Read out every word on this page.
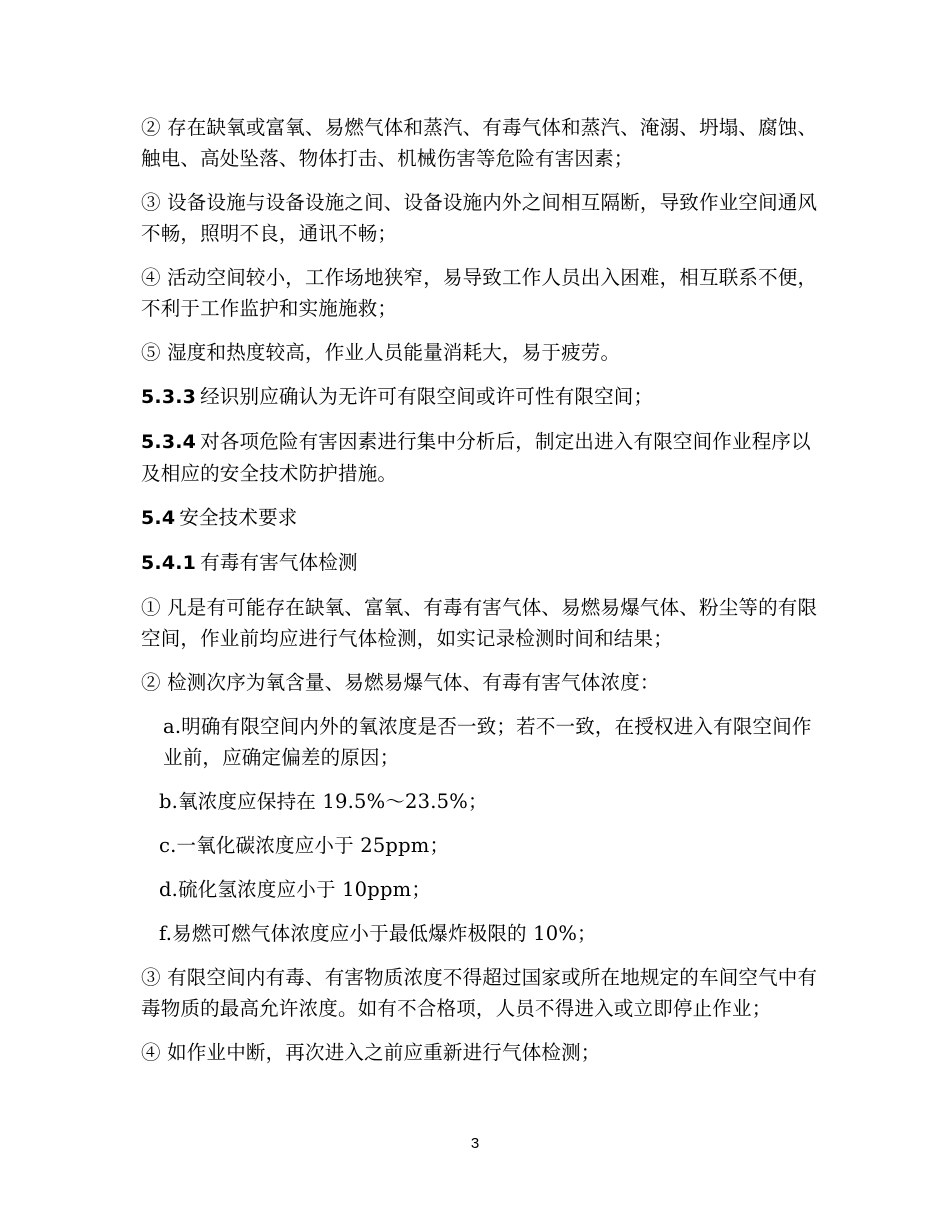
② 存在缺氧或富氧、易燃气体和蒸汽、有毒气体和蒸汽、淹溺、坍塌、腐蚀、触电、高处坠落、物体打击、机械伤害等危险有害因素；

③ 设备设施与设备设施之间、设备设施内外之间相互隔断，导致作业空间通风不畅，照明不良，通讯不畅；

④ 活动空间较小，工作场地狭窄，易导致工作人员出入困难，相互联系不便，不利于工作监护和实施施救；

⑤ 湿度和热度较高，作业人员能量消耗大，易于疲劳。

5.3.3 经识别应确认为无许可有限空间或许可性有限空间；

5.3.4 对各项危险有害因素进行集中分析后，制定出进入有限空间作业程序以及相应的安全技术防护措施。

5.4 安全技术要求

5.4.1 有毒有害气体检测

① 凡是有可能存在缺氧、富氧、有毒有害气体、易燃易爆气体、粉尘等的有限空间，作业前均应进行气体检测，如实记录检测时间和结果；

② 检测次序为氧含量、易燃易爆气体、有毒有害气体浓度：

a.明确有限空间内外的氧浓度是否一致；若不一致，在授权进入有限空间作业前，应确定偏差的原因；

b.氧浓度应保持在 19.5%～23.5%；

c.一氧化碳浓度应小于 25ppm；

d.硫化氢浓度应小于 10ppm；

f.易燃可燃气体浓度应小于最低爆炸极限的 10%；

③ 有限空间内有毒、有害物质浓度不得超过国家或所在地规定的车间空气中有毒物质的最高允许浓度。如有不合格项，人员不得进入或立即停止作业；

④ 如作业中断，再次进入之前应重新进行气体检测；

3
